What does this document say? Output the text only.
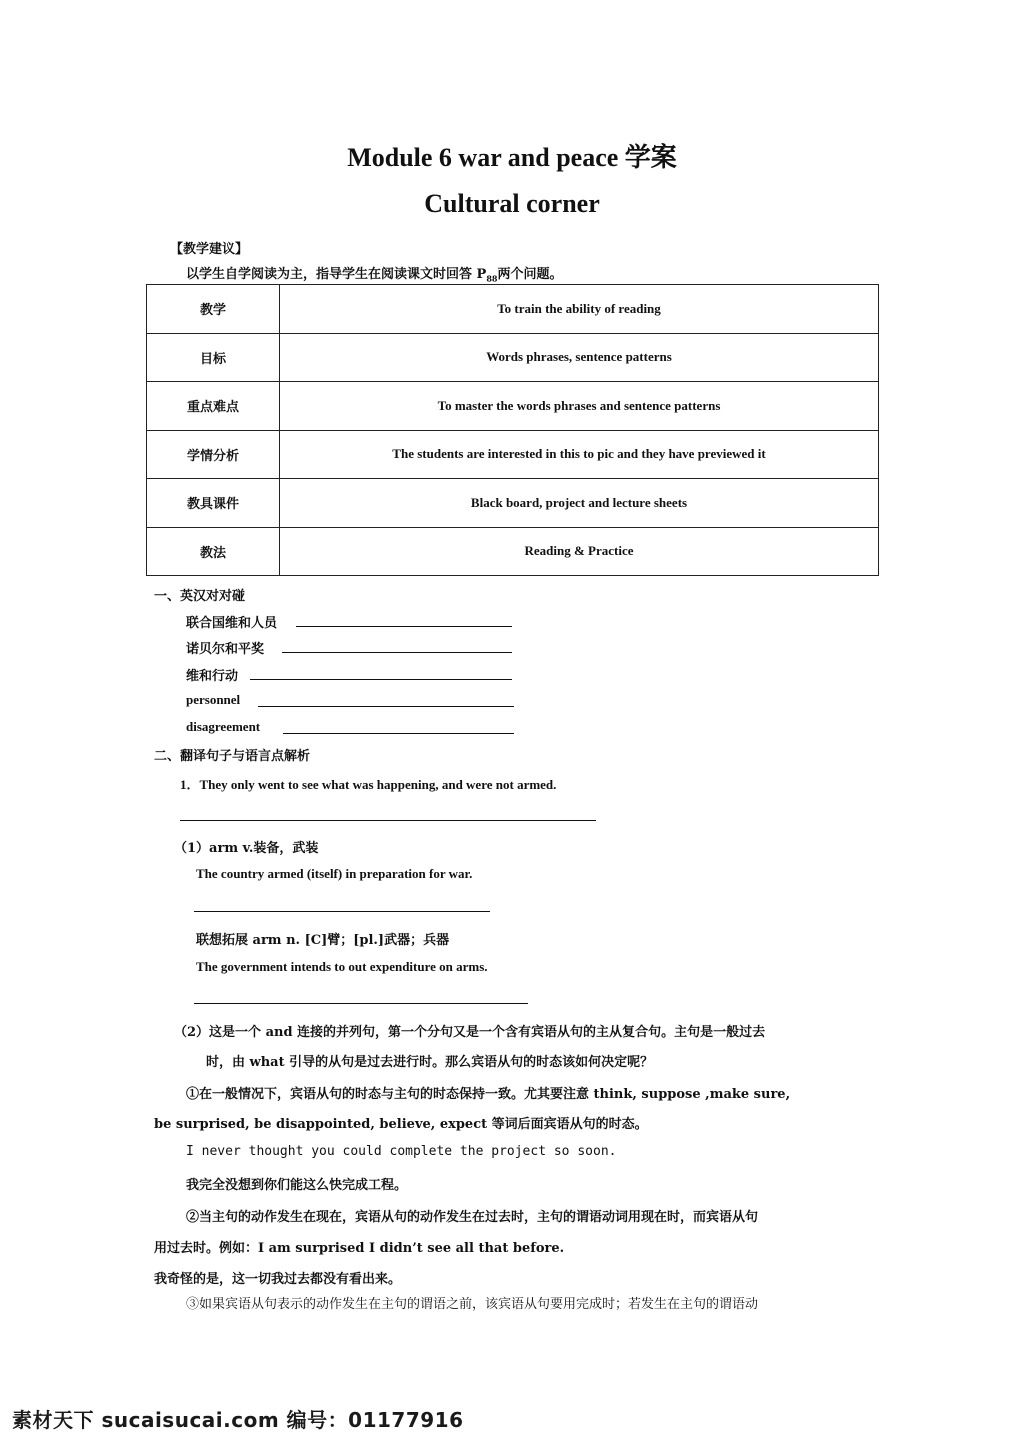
Module 6 war and peace 学案
Cultural corner
【教学建议】
以学生自学阅读为主，指导学生在阅读课文时回答 $P_{88}$两个问题。
教学	To train the ability of reading
目标	Words phrases, sentence patterns
重点难点	To master the words phrases and sentence patterns
学情分析	The students are interested in this to pic and they have previewed it
教具课件	Black board, project and lecture sheets
教法	Reading & Practice
一、英汉对对碰
联合国维和人员
诺贝尔和平奖
维和行动
personnel
disagreement
二、翻译句子与语言点解析
1．They only went to see what was happening, and were not armed.
（1）arm v.装备，武装
The country armed (itself) in preparation for war.
联想拓展 arm n. [C]臂；[pl.]武器；兵器
The government intends to out expenditure on arms.
（2）这是一个 and 连接的并列句，第一个分句又是一个含有宾语从句的主从复合句。主句是一般过去
时，由 what 引导的从句是过去进行时。那么宾语从句的时态该如何决定呢？
①在一般情况下，宾语从句的时态与主句的时态保持一致。尤其要注意 think, suppose ,make sure,
be surprised, be disappointed, believe, expect 等词后面宾语从句的时态。
I never thought you could complete the project so soon.
我完全没想到你们能这么快完成工程。
②当主句的动作发生在现在，宾语从句的动作发生在过去时，主句的谓语动词用现在时，而宾语从句
用过去时。例如：I am surprised I didn’t see all that before.
我奇怪的是，这一切我过去都没有看出来。
③如果宾语从句表示的动作发生在主句的谓语之前，该宾语从句要用完成时；若发生在主句的谓语动
素材天下 sucaisucai.com 编号：01177916
